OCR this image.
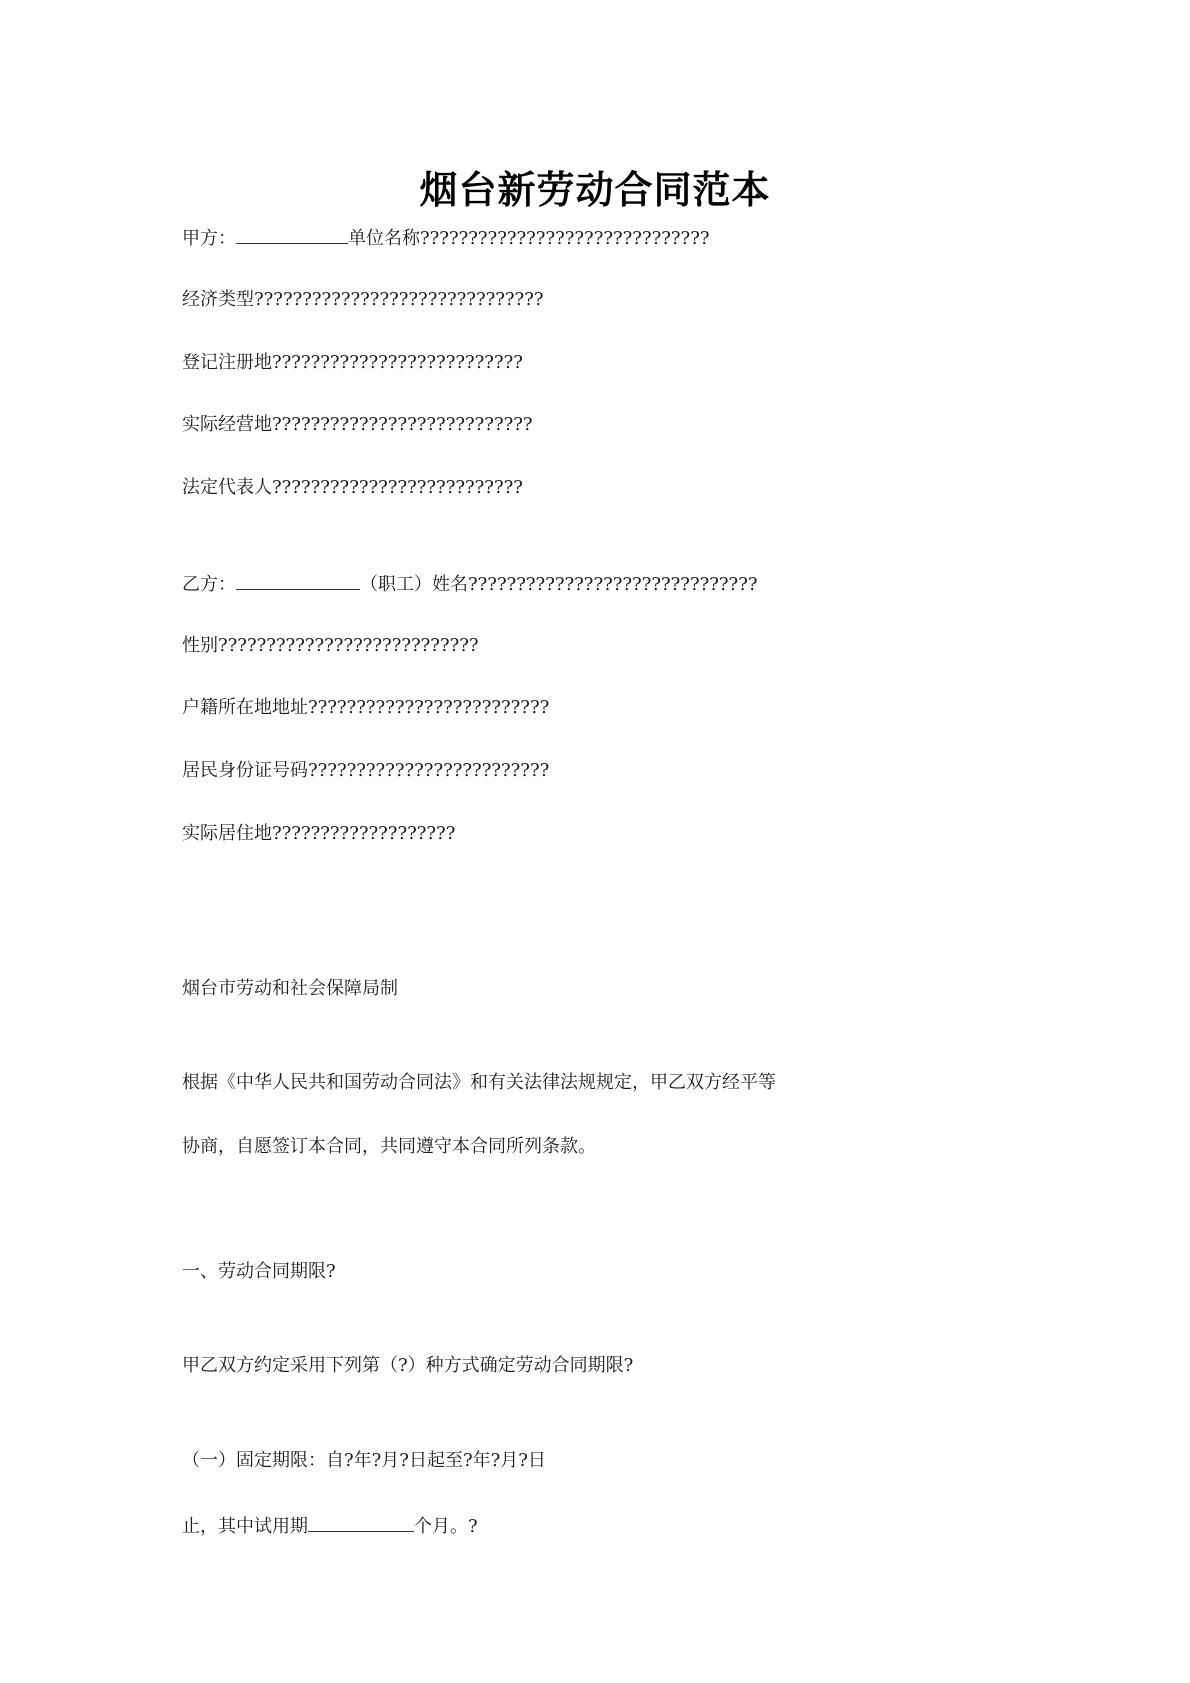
烟台新劳动合同范本
甲方：	单位名称??????????????????????????????
经济类型??????????????????????????????
登记注册地??????????????????????????
实际经营地???????????????????????????
法定代表人??????????????????????????
乙方：	（职工）姓名??????????????????????????????
性别???????????????????????????
户籍所在地地址?????????????????????????
居民身份证号码?????????????????????????
实际居住地???????????????????
烟台市劳动和社会保障局制
根据《中华人民共和国劳动合同法》和有关法律法规规定，甲乙双方经平等
协商，自愿签订本合同，共同遵守本合同所列条款。
一、劳动合同期限?
甲乙双方约定采用下列第（?）种方式确定劳动合同期限?
（一）固定期限：自?年?月?日起至?年?月?日
止，其中试用期	个月。?
